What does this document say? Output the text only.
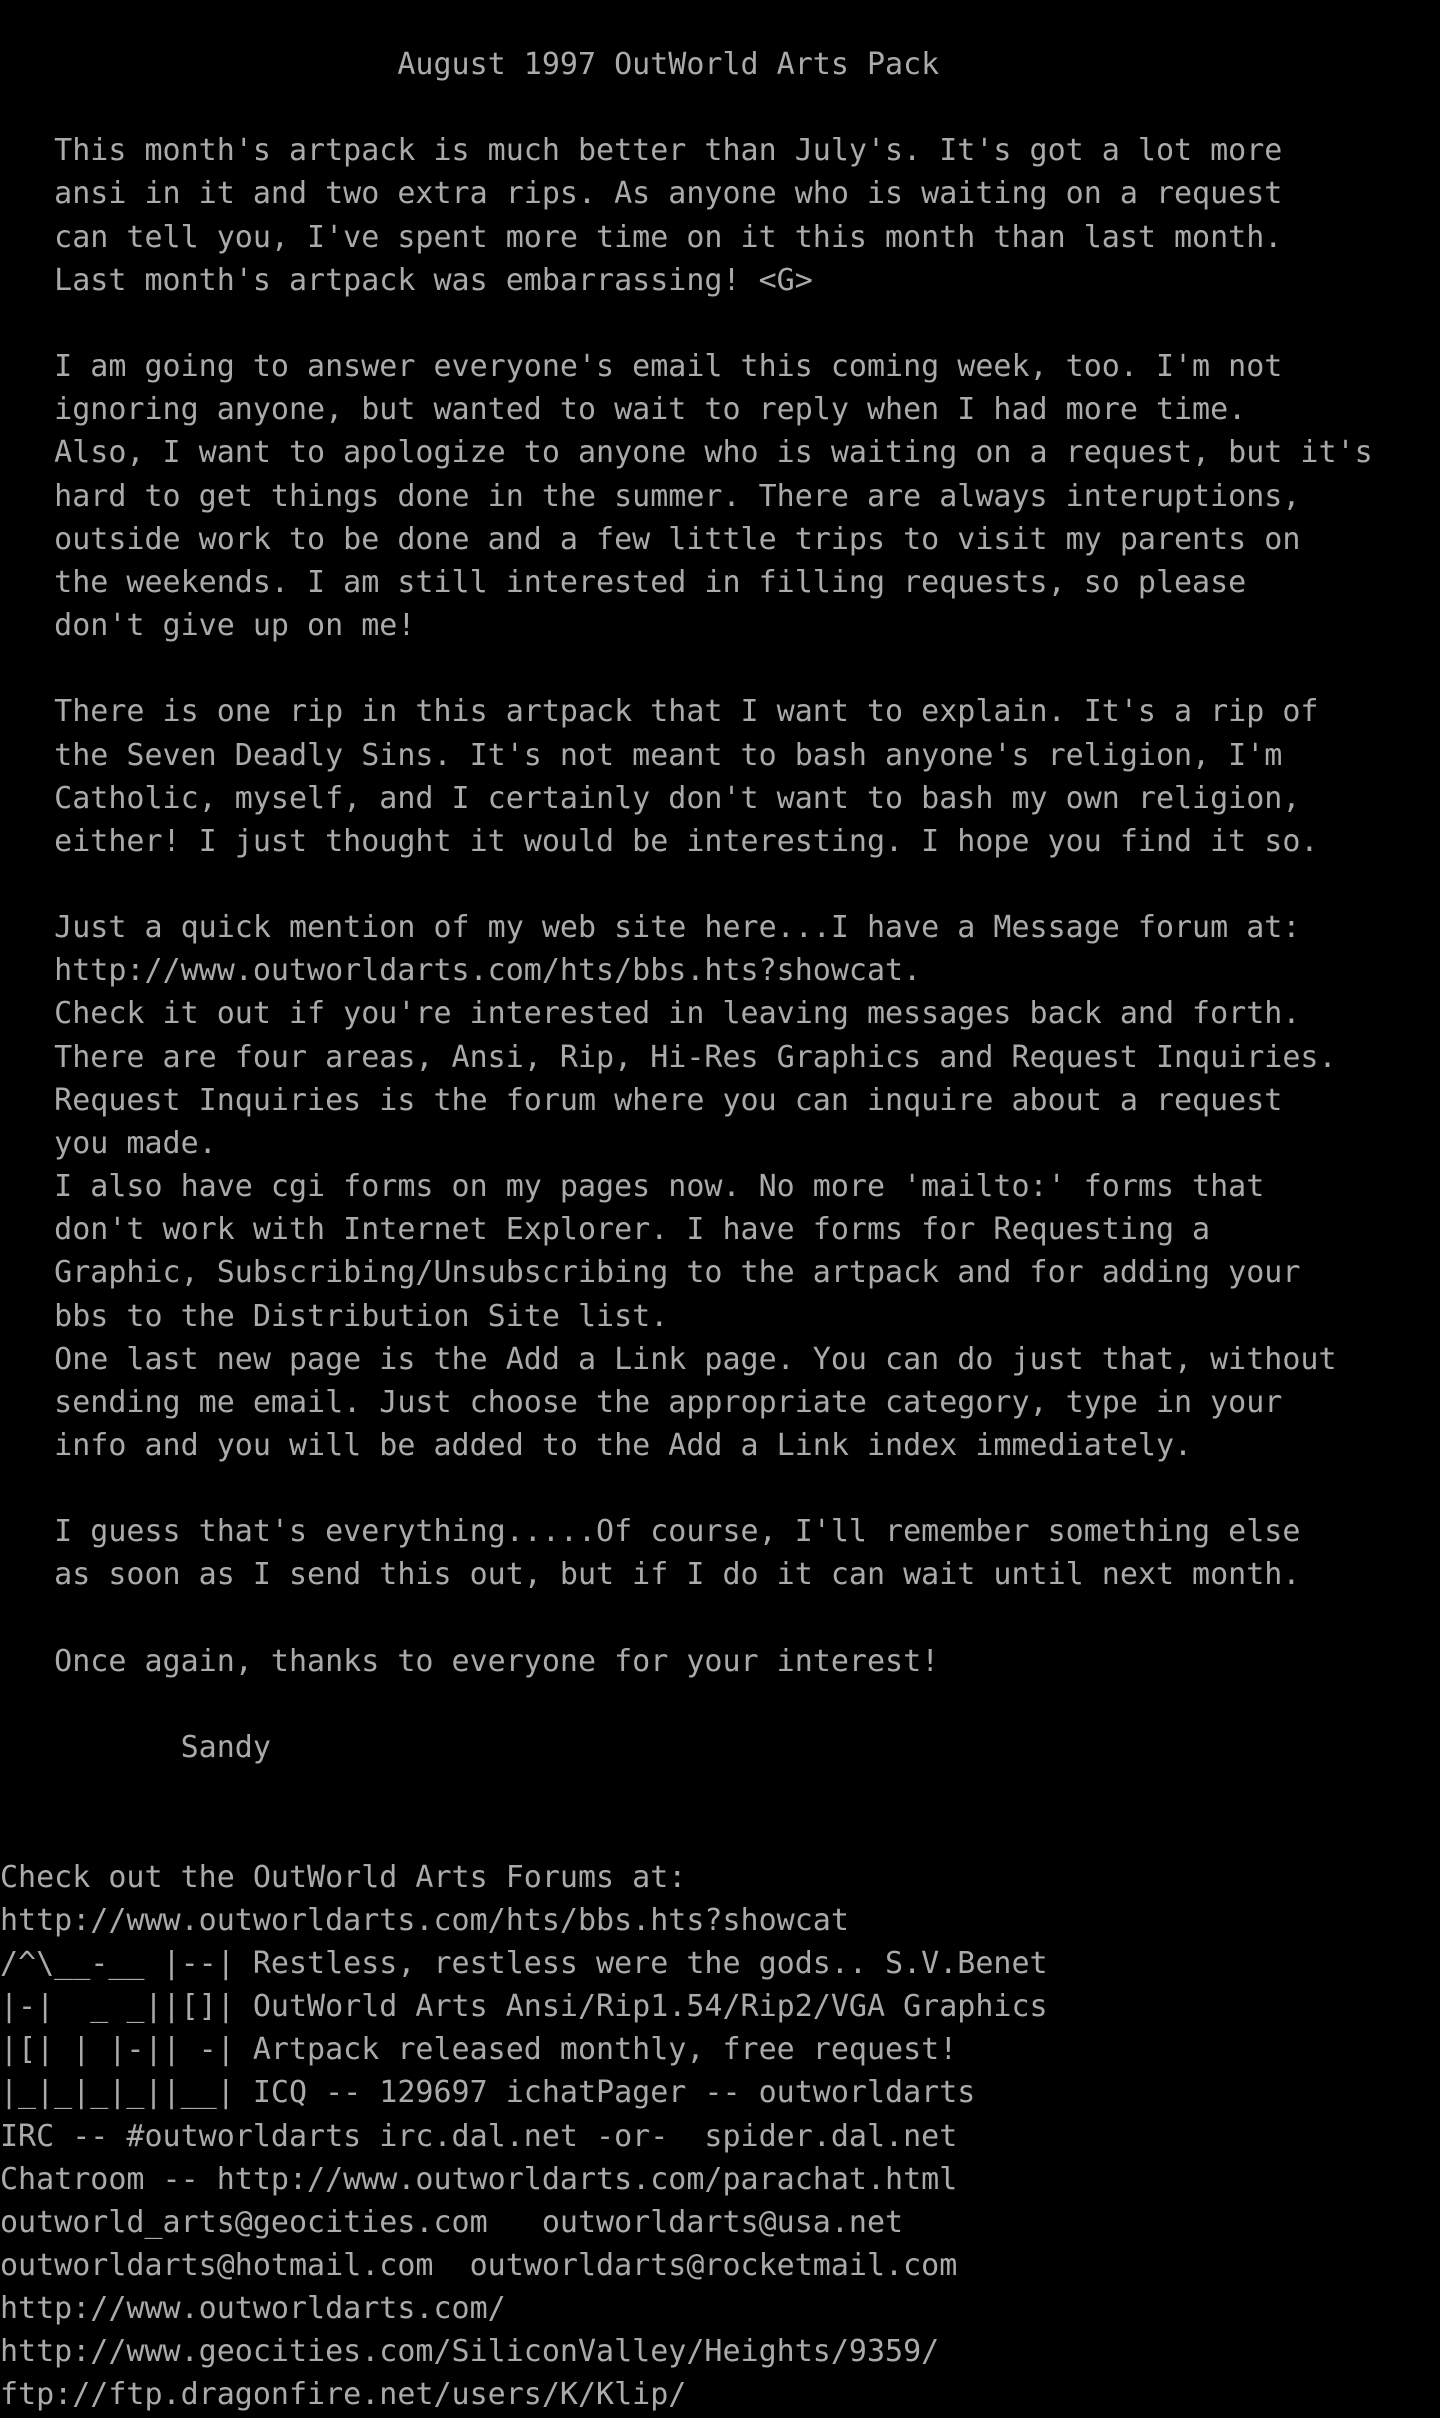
August 1997 OutWorld Arts Pack
This month's artpack is much better than July's. It's got a lot more
ansi in it and two extra rips. As anyone who is waiting on a request
can tell you, I've spent more time on it this month than last month.
Last month's artpack was embarrassing! <G>
I am going to answer everyone's email this coming week, too. I'm not
ignoring anyone, but wanted to wait to reply when I had more time.
Also, I want to apologize to anyone who is waiting on a request, but it's
hard to get things done in the summer. There are always interuptions,
outside work to be done and a few little trips to visit my parents on
the weekends. I am still interested in filling requests, so please
don't give up on me!
There is one rip in this artpack that I want to explain. It's a rip of
the Seven Deadly Sins. It's not meant to bash anyone's religion, I'm
Catholic, myself, and I certainly don't want to bash my own religion,
either! I just thought it would be interesting. I hope you find it so.
Just a quick mention of my web site here...I have a Message forum at:
http://www.outworldarts.com/hts/bbs.hts?showcat.
Check it out if you're interested in leaving messages back and forth.
There are four areas, Ansi, Rip, Hi-Res Graphics and Request Inquiries.
Request Inquiries is the forum where you can inquire about a request
you made.
I also have cgi forms on my pages now. No more 'mailto:' forms that
don't work with Internet Explorer. I have forms for Requesting a
Graphic, Subscribing/Unsubscribing to the artpack and for adding your
bbs to the Distribution Site list.
One last new page is the Add a Link page. You can do just that, without
sending me email. Just choose the appropriate category, type in your
info and you will be added to the Add a Link index immediately.
I guess that's everything.....Of course, I'll remember something else
as soon as I send this out, but if I do it can wait until next month.
Once again, thanks to everyone for your interest!
Sandy
Check out the OutWorld Arts Forums at:
http://www.outworldarts.com/hts/bbs.hts?showcat
/^\__-__ |--| Restless, restless were the gods.. S.V.Benet
|-|  _ _||[]| OutWorld Arts Ansi/Rip1.54/Rip2/VGA Graphics
|[| | |-|| -| Artpack released monthly, free request!
|_|_|_|_||__| ICQ -- 129697 ichatPager -- outworldarts
IRC -- #outworldarts irc.dal.net -or-  spider.dal.net
Chatroom -- http://www.outworldarts.com/parachat.html
outworld_arts@geocities.com   outworldarts@usa.net
outworldarts@hotmail.com  outworldarts@rocketmail.com
http://www.outworldarts.com/
http://www.geocities.com/SiliconValley/Heights/9359/
ftp://ftp.dragonfire.net/users/K/Klip/
